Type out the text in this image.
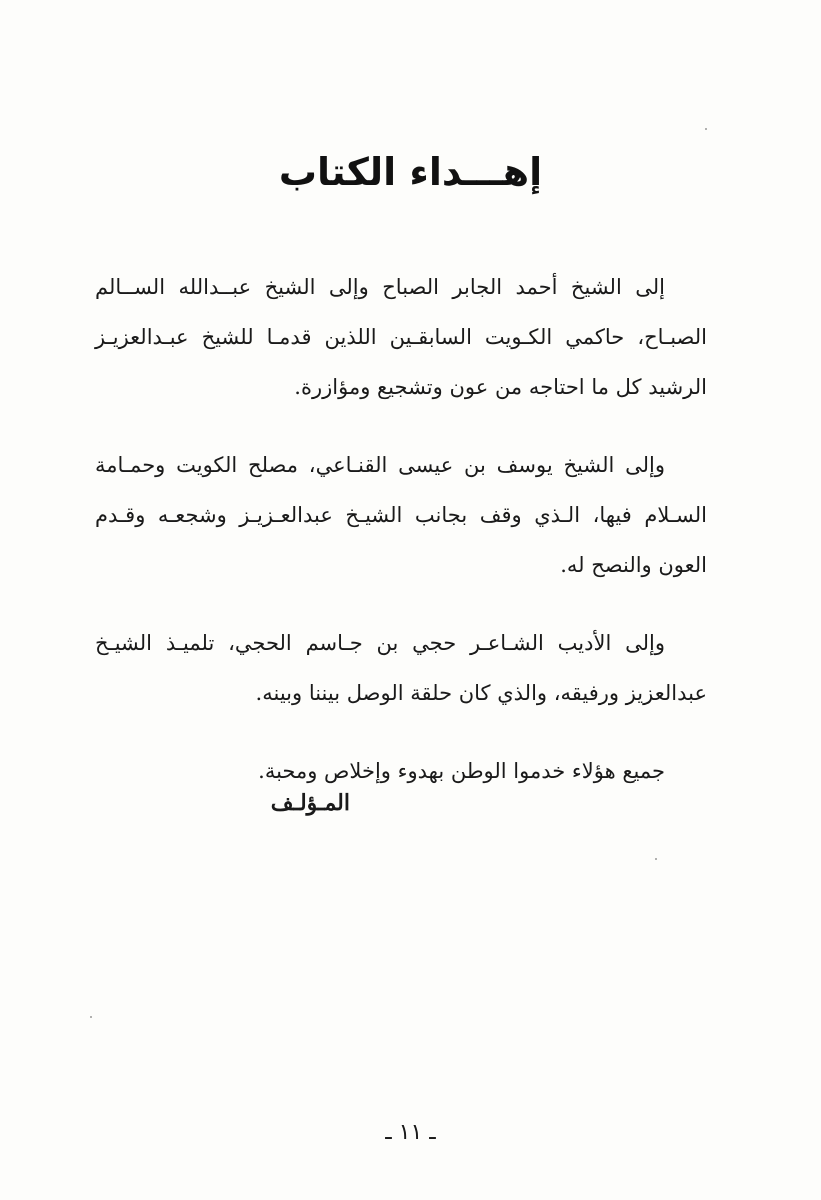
إهـــداء الكتاب

إلى الشيخ أحمد الجابر الصباح وإلى الشيخ عبــدالله الســالم الصبـاح، حاكمي الكـويت السابقـين اللذين قدمـا للشيخ عبـدالعزيـز الرشيد كل ما احتاجه من عون وتشجيع ومؤازرة.

وإلى الشيخ يوسف بن عيسى القنـاعي، مصلح الكويت وحمـامة السـلام فيها، الـذي وقف بجانب الشيـخ عبدالعـزيـز وشجعـه وقـدم العون والنصح له.

وإلى الأديب الشـاعـر حجي بن جـاسم الحجي، تلميـذ الشيـخ عبدالعزيز ورفيقه، والذي كان حلقة الوصل بيننا وبينه.

جميع هؤلاء خدموا الوطن بهدوء وإخلاص ومحبة.

المـؤلـف
ـ ١١ ـ
